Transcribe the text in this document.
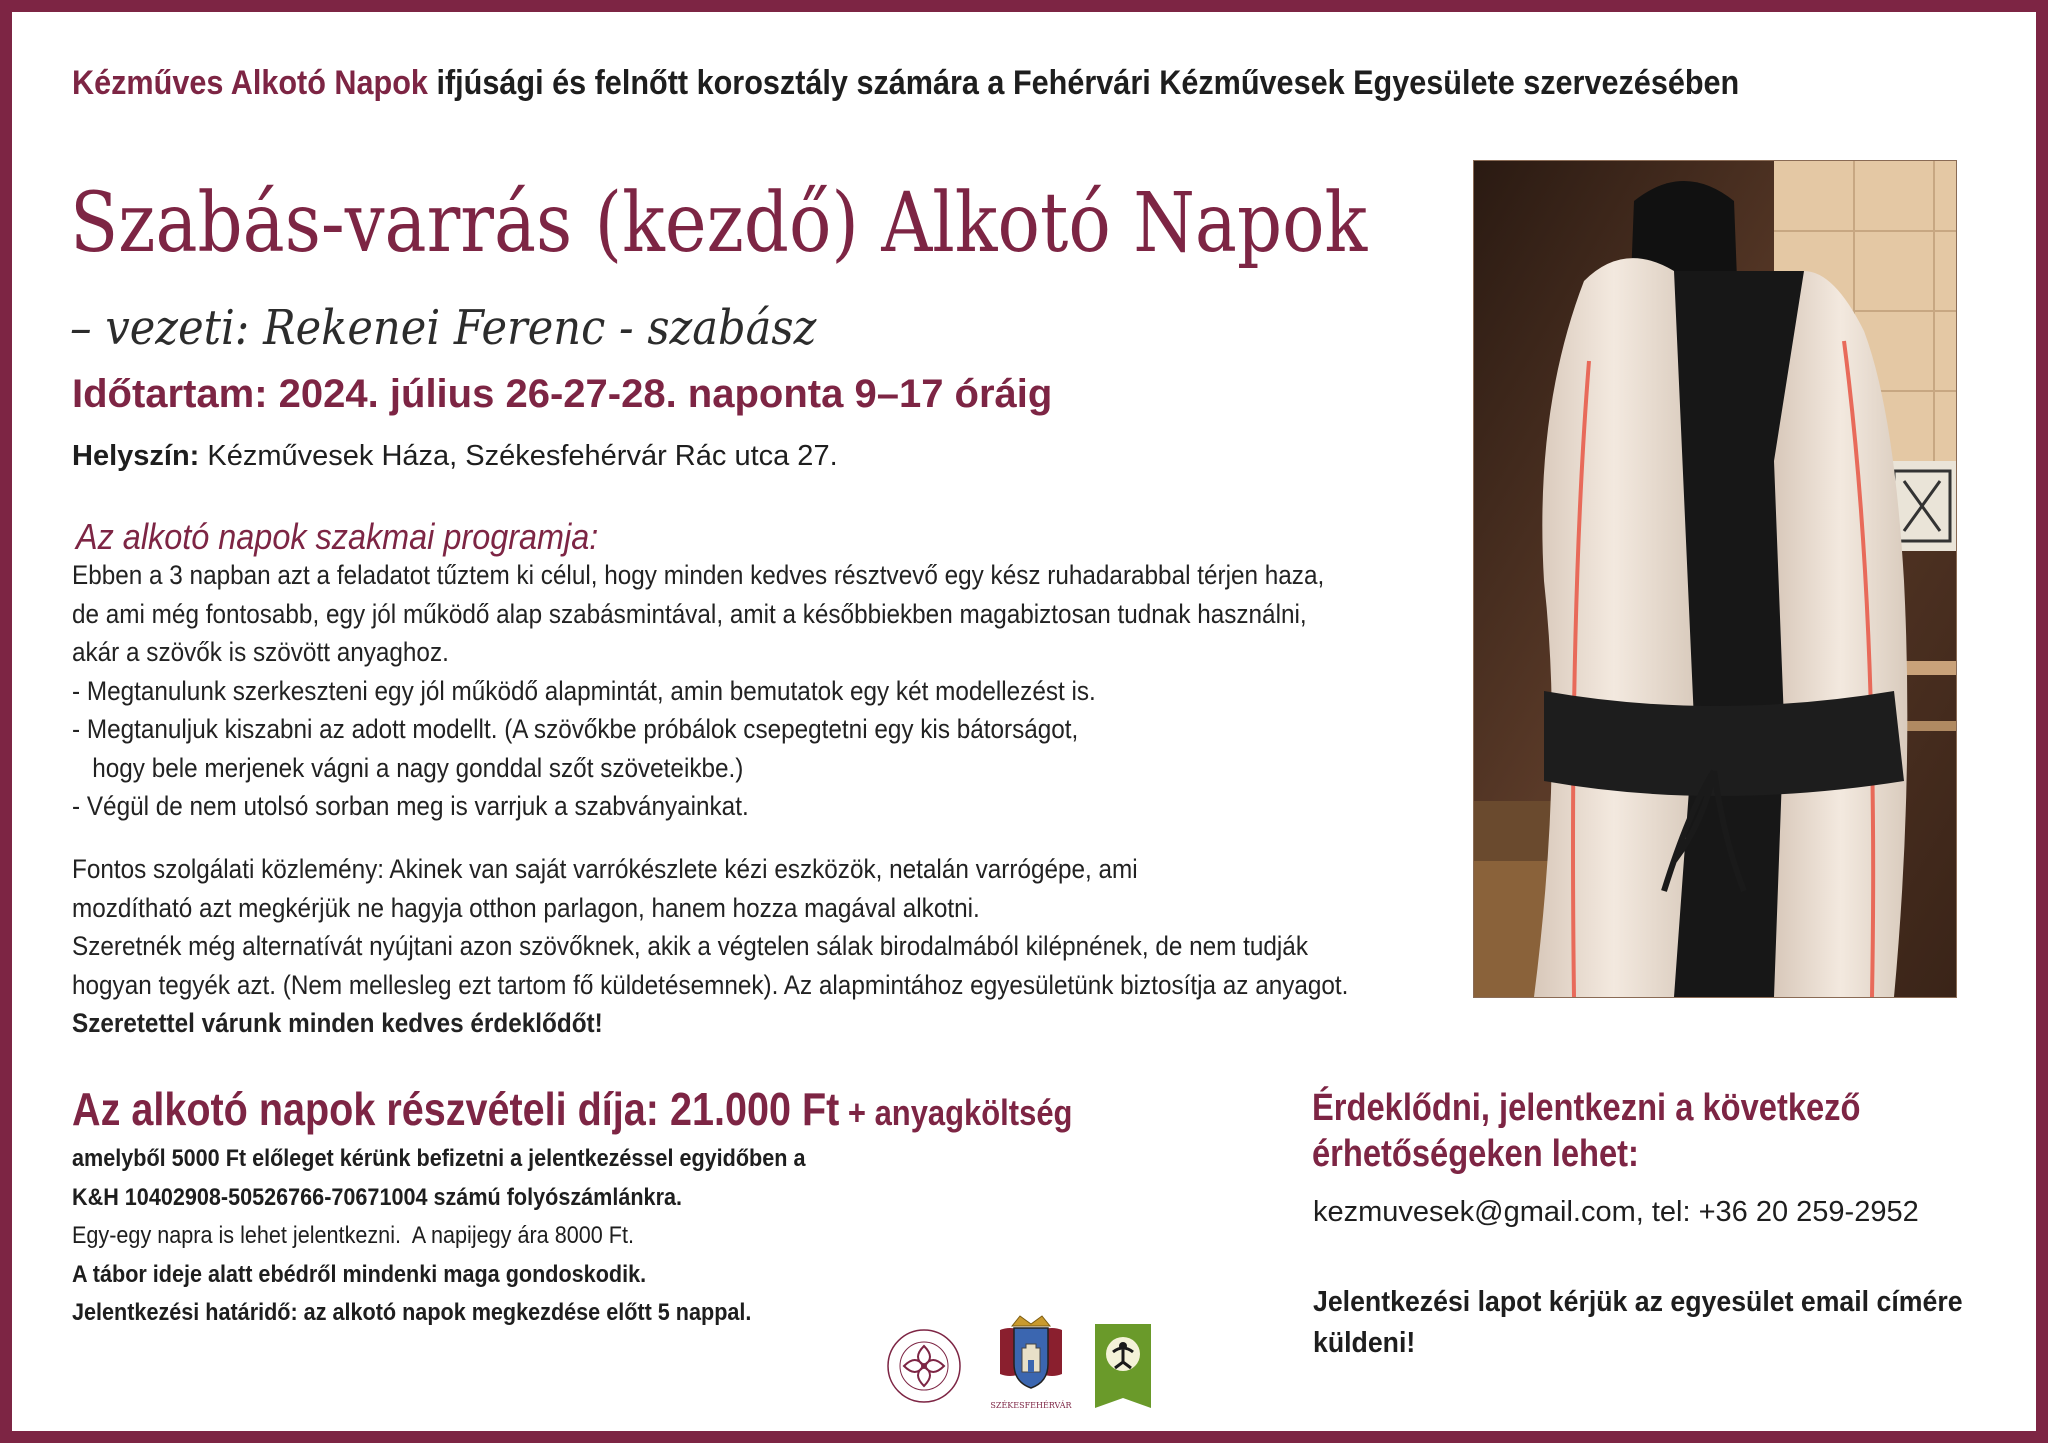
Kézműves Alkotó Napok ifjúsági és felnőtt korosztály számára a Fehérvári Kézművesek Egyesülete szervezésében
Szabás-varrás (kezdő) Alkotó Napok
– vezeti: Rekenei Ferenc - szabász
Időtartam: 2024. július 26-27-28. naponta 9–17 óráig
Helyszín: Kézművesek Háza, Székesfehérvár Rác utca 27.
Az alkotó napok szakmai programja:
Ebben a 3 napban azt a feladatot tűztem ki célul, hogy minden kedves résztvevő egy kész ruhadarabbal térjen haza,
de ami még fontosabb, egy jól működő alap szabásmintával, amit a későbbiekben magabiztosan tudnak használni,
akár a szövők is szövött anyaghoz.
- Megtanulunk szerkeszteni egy jól működő alapmintát, amin bemutatok egy két modellezést is.
- Megtanuljuk kiszabni az adott modellt. (A szövőkbe próbálok csepegtetni egy kis bátorságot,
hogy bele merjenek vágni a nagy gonddal szőt szöveteikbe.)
- Végül de nem utolsó sorban meg is varrjuk a szabványainkat.
Fontos szolgálati közlemény: Akinek van saját varrókészlete kézi eszközök, netalán varrógépe, ami
mozdítható azt megkérjük ne hagyja otthon parlagon, hanem hozza magával alkotni.
Szeretnék még alternatívát nyújtani azon szövőknek, akik a végtelen sálak birodalmából kilépnének, de nem tudják
hogyan tegyék azt. (Nem mellesleg ezt tartom fő küldetésemnek). Az alapmintához egyesületünk biztosítja az anyagot.
Szeretettel várunk minden kedves érdeklődőt!
Az alkotó napok részvételi díja: 21.000 Ft + anyagköltség
amelyből 5000 Ft előleget kérünk befizetni a jelentkezéssel egyidőben a
K&H 10402908-50526766-70671004 számú folyószámlánkra.
Egy-egy napra is lehet jelentkezni.  A napijegy ára 8000 Ft.
A tábor ideje alatt ebédről mindenki maga gondoskodik.
Jelentkezési határidő: az alkotó napok megkezdése előtt 5 nappal.
Érdeklődni, jelentkezni a következő
érhetőségeken lehet:
kezmuvesek@gmail.com, tel: +36 20 259-2952
Jelentkezési lapot kérjük az egyesület email címére
küldeni!
SZÉKESFEHÉRVÁR
